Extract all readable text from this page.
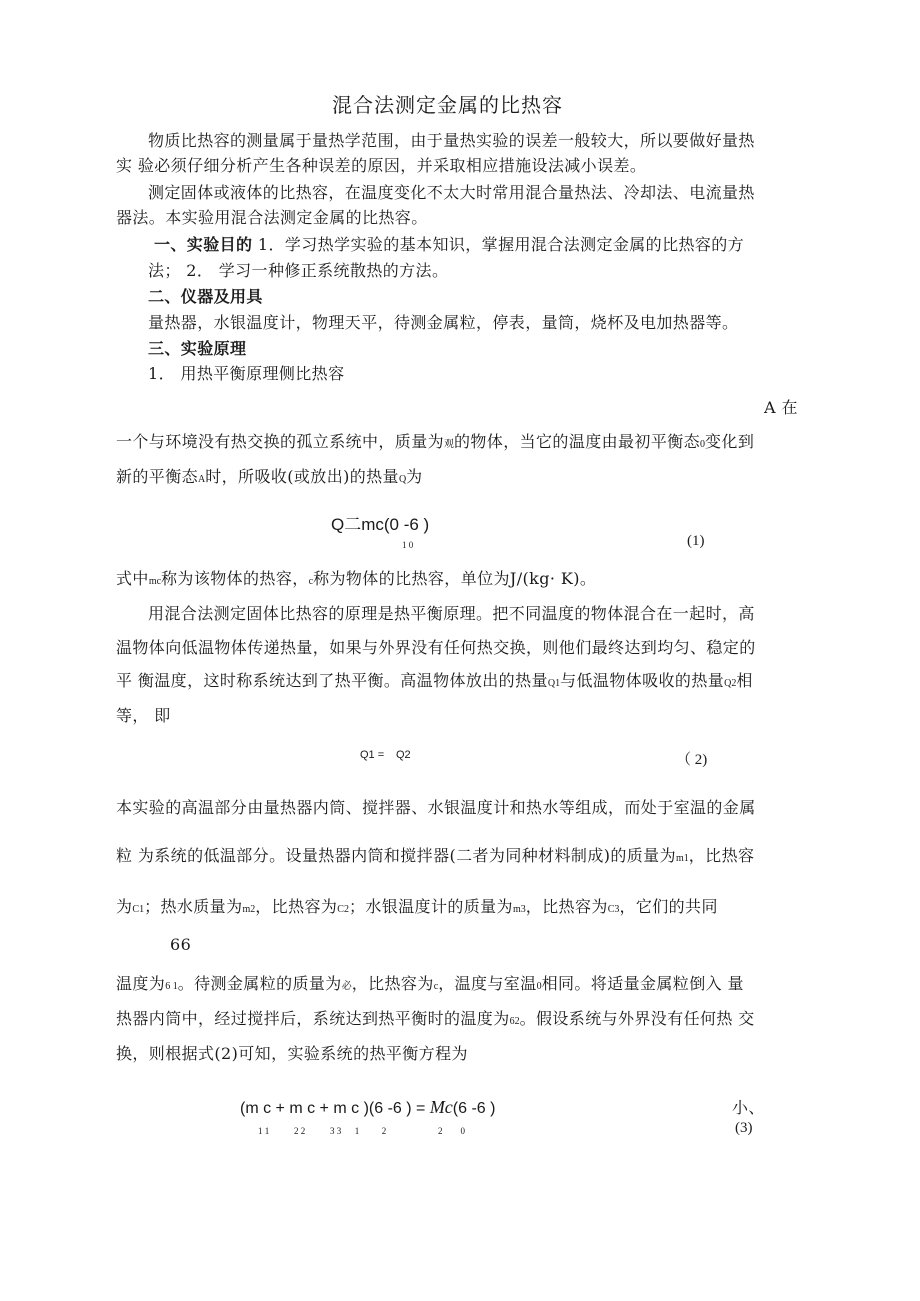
混合法测定金属的比热容
物质比热容的测量属于量热学范围，由于量热实验的误差一般较大，所以要做好量热
实 验必须仔细分析产生各种误差的原因，并采取相应措施设法减小误差。
测定固体或液体的比热容，在温度变化不太大时常用混合量热法、冷却法、电流量热
器法。本实验用混合法测定金属的比热容。
一、实验目的 1．学习热学实验的基本知识，掌握用混合法测定金属的比热容的方
法； 2． 学习一种修正系统散热的方法。
二、仪器及用具
量热器，水银温度计，物理天平，待测金属粒，停表，量筒，烧杯及电加热器等。
三、实验原理
1． 用热平衡原理侧比热容
A 在
一个与环境没有热交换的孤立系统中，质量为观的物体，当它的温度由最初平衡态0变化到
新的平衡态A时，所吸收(或放出)的热量Q为
Q二mc(0 -6 )
1 0	(1)
式中mc称为该物体的热容，c称为物体的比热容，单位为J/(kg· K)。
用混合法测定固体比热容的原理是热平衡原理。把不同温度的物体混合在一起时，高
温物体向低温物体传递热量，如果与外界没有任何热交换，则他们最终达到均匀、稳定的
平 衡温度，这时称系统达到了热平衡。高温物体放出的热量Q1与低温物体吸收的热量Q2相
等， 即
Q1 = Q2	（ 2)
本实验的高温部分由量热器内筒、搅拌器、水银温度计和热水等组成，而处于室温的金属
粒 为系统的低温部分。设量热器内筒和搅拌器(二者为同种材料制成)的质量为m1，比热容
为C1；热水质量为m2，比热容为C2；水银温度计的质量为m3，比热容为C3，它们的共同
66
温度为6 1。待测金属粒的质量为必，比热容为c，温度与室温0相同。将适量金属粒倒入 量
热器内筒中，经过搅拌后，系统达到热平衡时的温度为62。假设系统与外界没有任何热 交
换，则根据式(2)可知，实验系统的热平衡方程为
(m c + m c + m c )(6 -6 ) = Mc(6 -6 )
1 1           2 2           3 3      1          2                       2        0
小、
(3)
